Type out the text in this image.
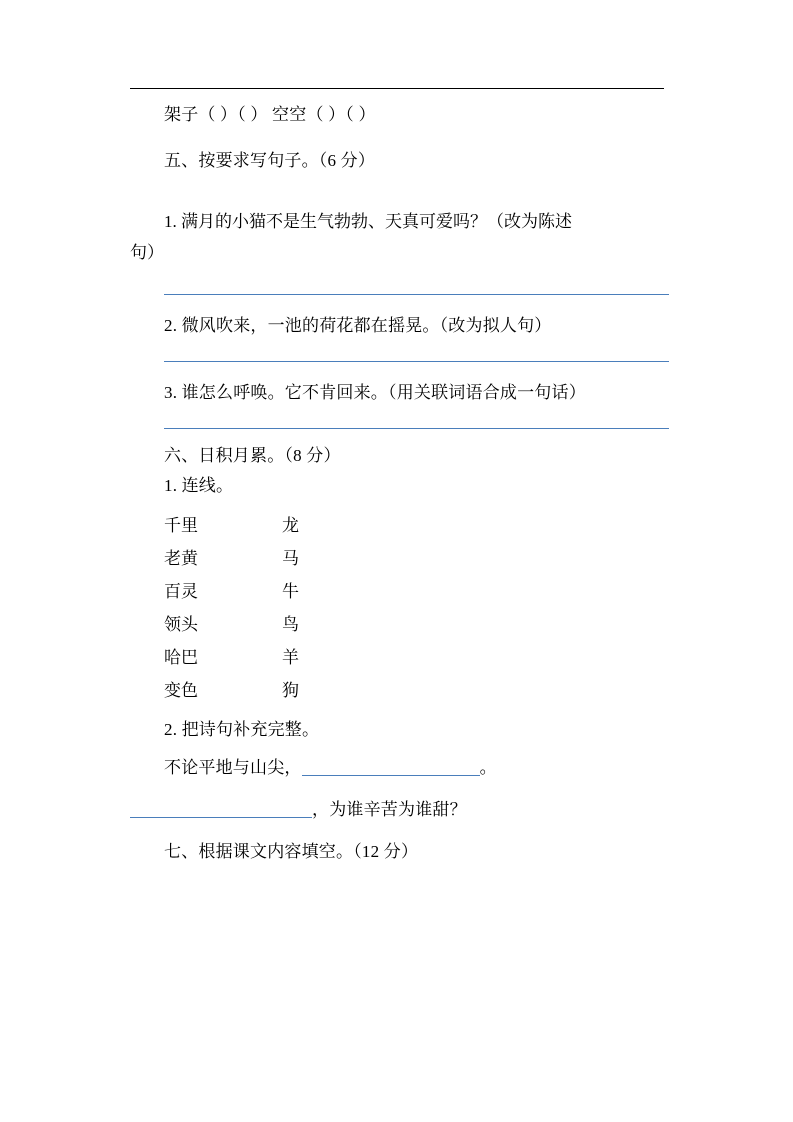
架子（ ）（ ） 空空（ ）（ ）
五、按要求写句子。（6 分）
1. 满月的小猫不是生气勃勃、天真可爱吗？（改为陈述
句）
2. 微风吹来，一池的荷花都在摇晃。（改为拟人句）
3. 谁怎么呼唤。它不肯回来。（用关联词语合成一句话）
六、日积月累。（8 分）
1. 连线。
千里	龙
老黄	马
百灵	牛
领头	鸟
哈巴	羊
变色	狗
2. 把诗句补充完整。
不论平地与山尖，	。
，为谁辛苦为谁甜？
七、根据课文内容填空。（12 分）
